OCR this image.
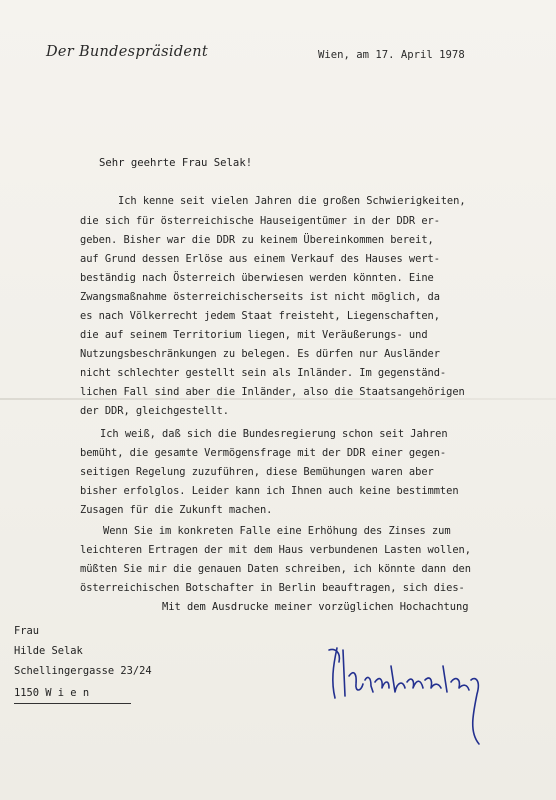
Der Bundespräsident	Wien, am 17. April 1978
Sehr geehrte Frau Selak!
Ich kenne seit vielen Jahren die großen Schwierigkeiten,
die sich für österreichische Hauseigentümer in der DDR er-
geben. Bisher war die DDR zu keinem Übereinkommen bereit,
auf Grund dessen Erlöse aus einem Verkauf des Hauses wert-
beständig nach Österreich überwiesen werden könnten. Eine
Zwangsmaßnahme österreichischerseits ist nicht möglich, da
es nach Völkerrecht jedem Staat freisteht, Liegenschaften,
die auf seinem Territorium liegen, mit Veräußerungs- und
Nutzungsbeschränkungen zu belegen. Es dürfen nur Ausländer
nicht schlechter gestellt sein als Inländer. Im gegenständ-
lichen Fall sind aber die Inländer, also die Staatsangehörigen
der DDR, gleichgestellt.
Ich weiß, daß sich die Bundesregierung schon seit Jahren
bemüht, die gesamte Vermögensfrage mit der DDR einer gegen-
seitigen Regelung zuzuführen, diese Bemühungen waren aber
bisher erfolglos. Leider kann ich Ihnen auch keine bestimmten
Zusagen für die Zukunft machen.
Wenn Sie im konkreten Falle eine Erhöhung des Zinses zum
leichteren Ertragen der mit dem Haus verbundenen Lasten wollen,
müßten Sie mir die genauen Daten schreiben, ich könnte dann den
österreichischen Botschafter in Berlin beauftragen, sich dies-
Mit dem Ausdrucke meiner vorzüglichen Hochachtung
Frau
Hilde Selak
Schellingergasse 23/24
1150 W i e n
